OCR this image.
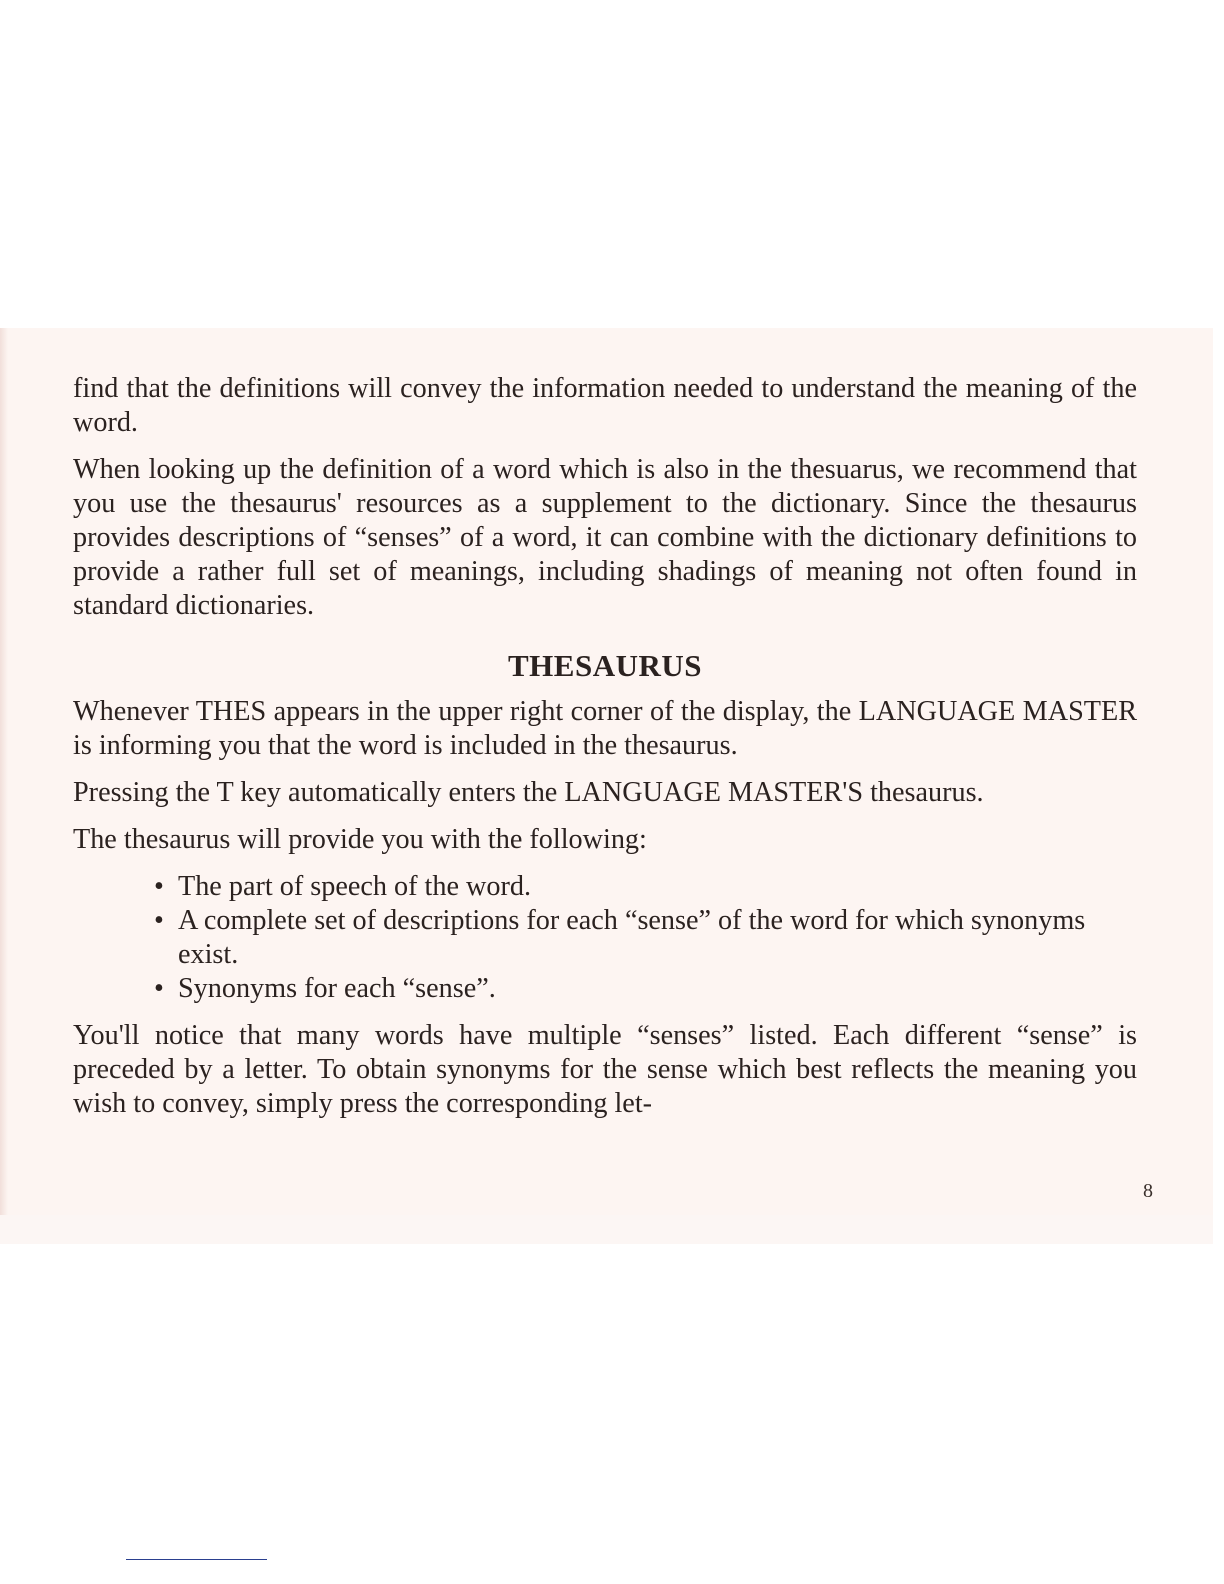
find that the definitions will convey the information needed to understand the meaning of the word.

When looking up the definition of a word which is also in the thesuarus, we recommend that you use the thesaurus' resources as a supplement to the dictionary. Since the thesaurus provides descriptions of “senses” of a word, it can combine with the dictionary definitions to provide a rather full set of meanings, including shadings of meaning not often found in standard dictionaries.

THESAURUS

Whenever THES appears in the upper right corner of the display, the LANGUAGE MASTER is informing you that the word is included in the thesaurus.

Pressing the T key automatically enters the LANGUAGE MASTER'S thesaurus.

The thesaurus will provide you with the following:

• The part of speech of the word.
• A complete set of descriptions for each “sense” of the word for which synonyms exist.
• Synonyms for each “sense”.

You'll notice that many words have multiple “senses” listed. Each different “sense” is preceded by a letter. To obtain synonyms for the sense which best reflects the meaning you wish to convey, simply press the corresponding let-

8
